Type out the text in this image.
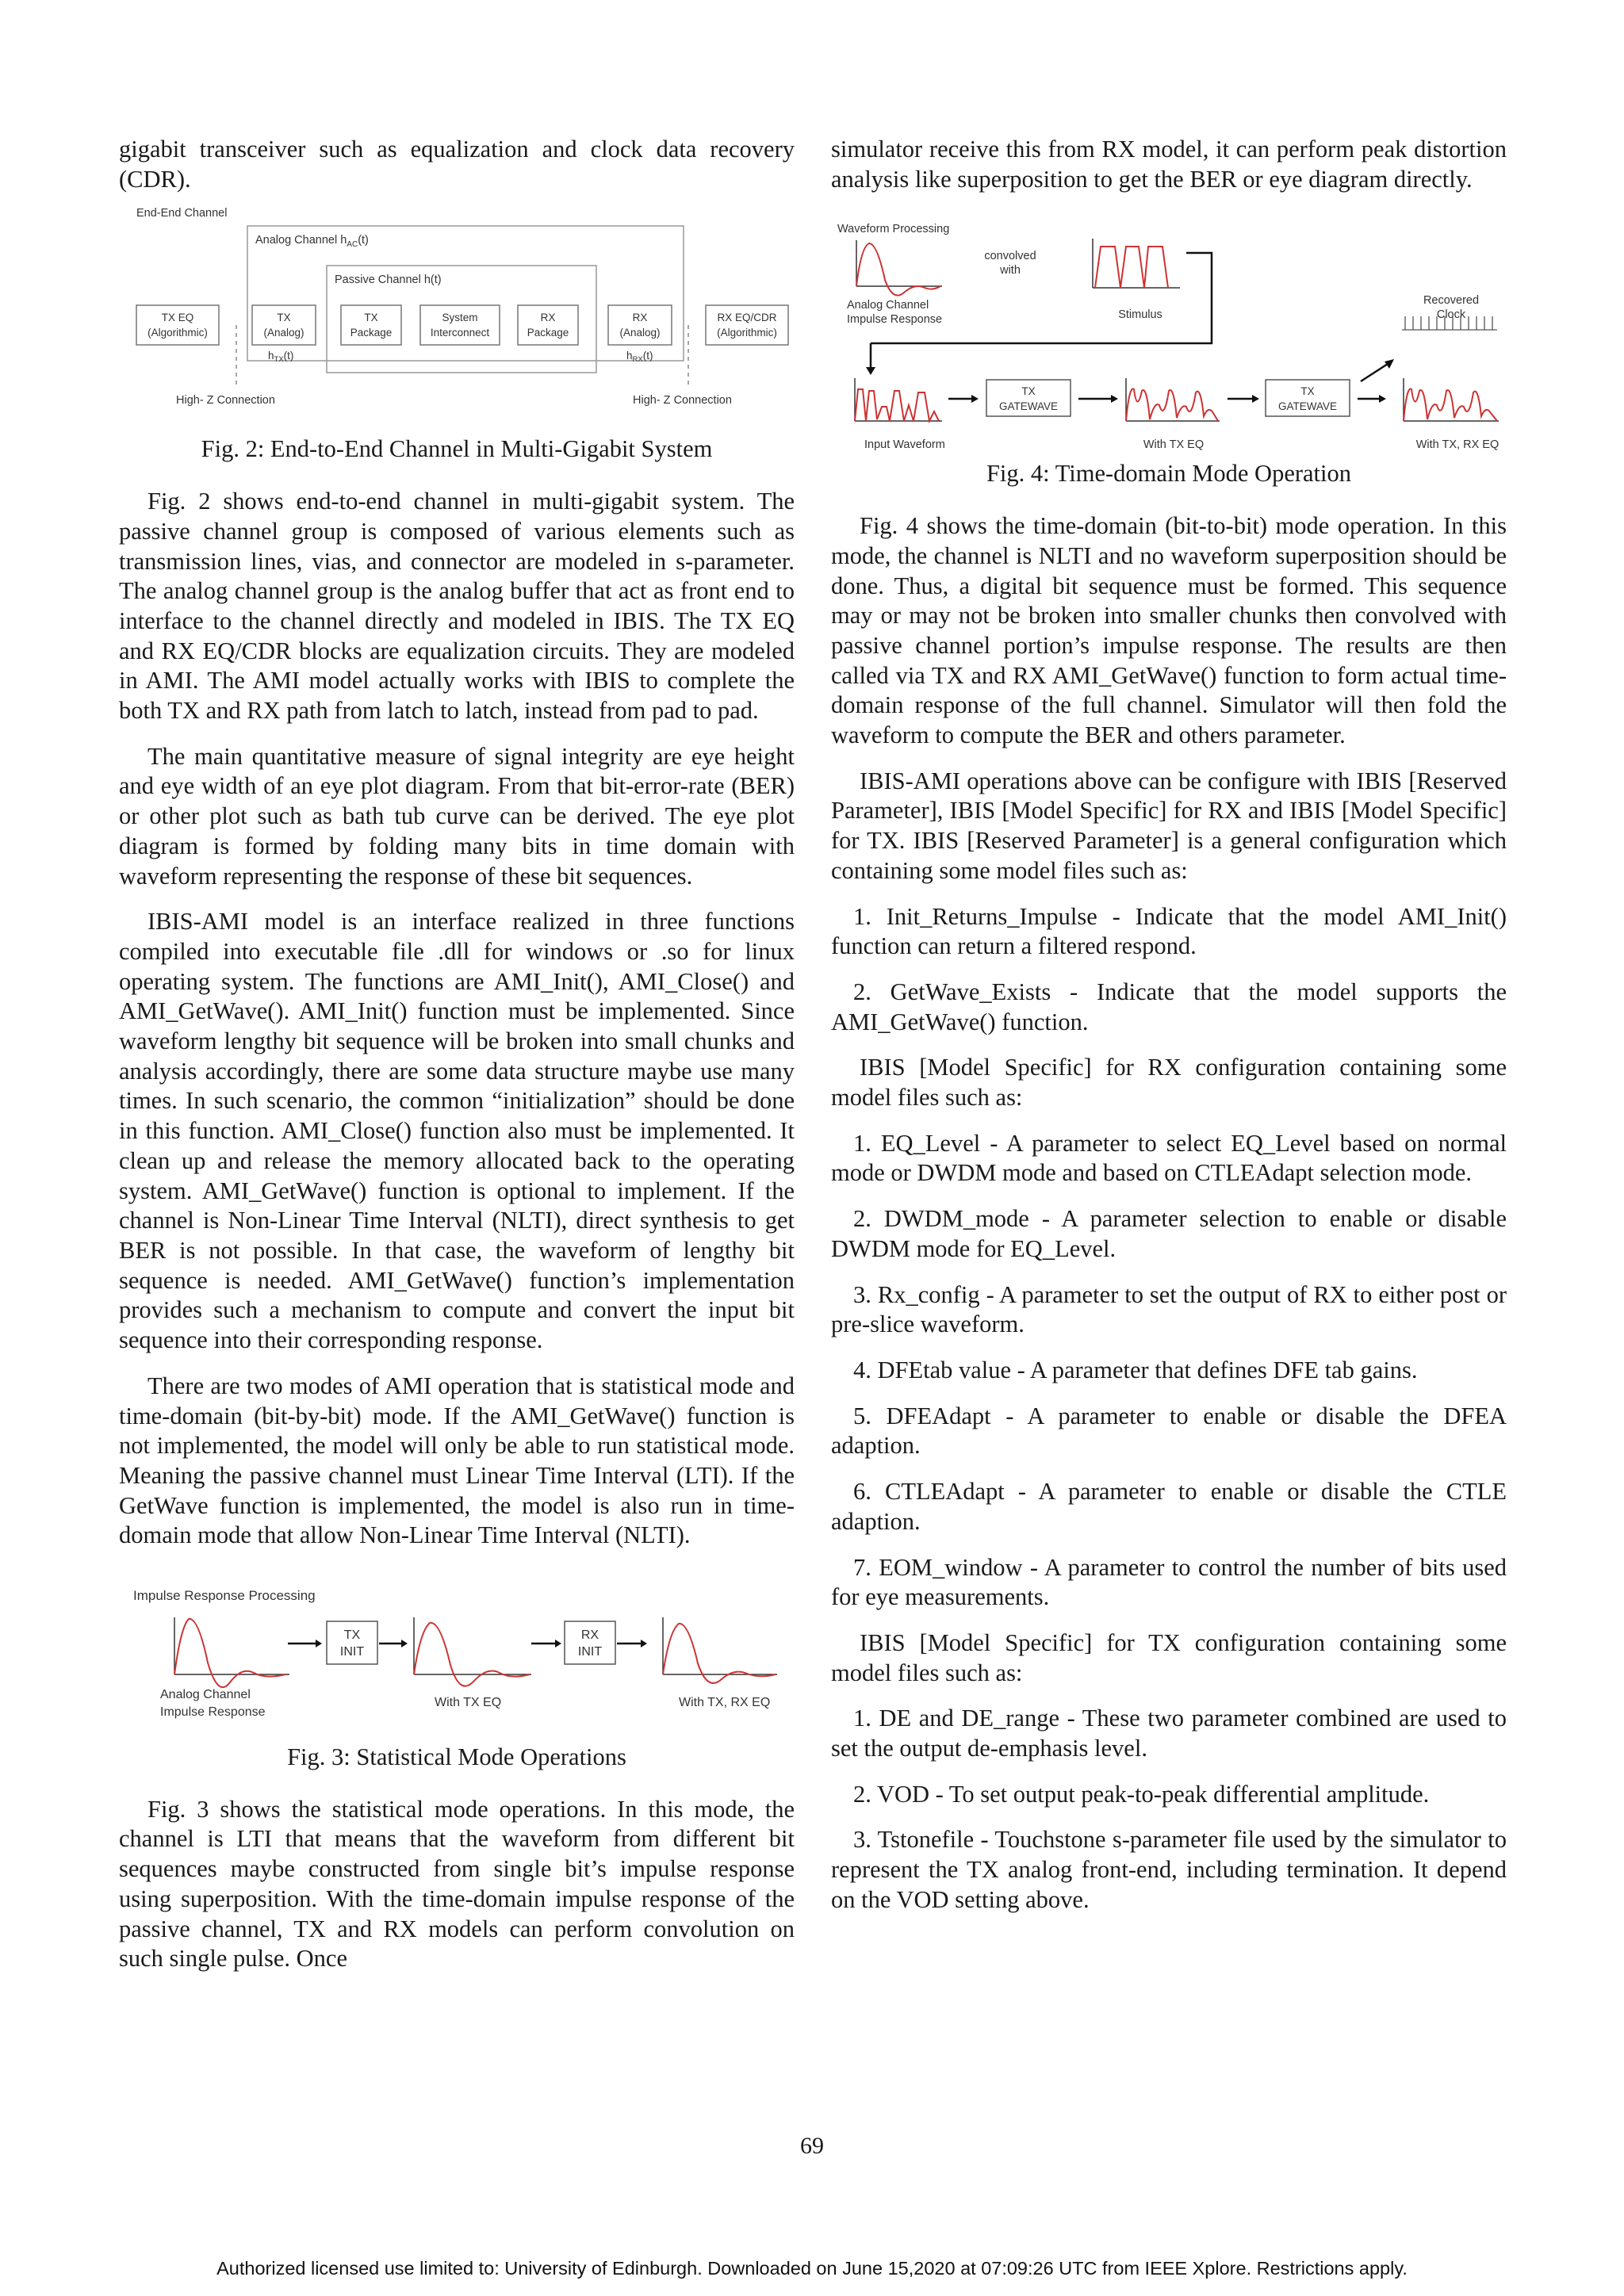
gigabit transceiver such as equalization and clock data recovery (CDR).

End-End Channel
Analog Channel $h_{AC}(t)$
Passive Channel h(t)
TX EQ
(Algorithmic)
TX
(Analog)
TX
Package
System
Interconnect
RX
Package
RX
(Analog)
RX EQ/CDR
(Algorithmic)
$h_{TX}(t)$	$h_{RX}(t)$
High- Z Connection	High- Z Connection
Fig. 2: End-to-End Channel in Multi-Gigabit System

Fig. 2 shows end-to-end channel in multi-gigabit system. The passive channel group is composed of various elements such as transmission lines, vias, and connector are modeled in s-parameter. The analog channel group is the analog buffer that act as front end to interface to the channel directly and modeled in IBIS. The TX EQ and RX EQ/CDR blocks are equalization circuits. They are modeled in AMI. The AMI model actually works with IBIS to complete the both TX and RX path from latch to latch, instead from pad to pad.

The main quantitative measure of signal integrity are eye height and eye width of an eye plot diagram. From that bit-error-rate (BER) or other plot such as bath tub curve can be derived. The eye plot diagram is formed by folding many bits in time domain with waveform representing the response of these bit sequences.

IBIS-AMI model is an interface realized in three functions compiled into executable file .dll for windows or .so for linux operating system. The functions are AMI_Init(), AMI_Close() and AMI_GetWave(). AMI_Init() function must be implemented. Since waveform lengthy bit sequence will be broken into small chunks and analysis accordingly, there are some data structure maybe use many times. In such scenario, the common “initialization” should be done in this function. AMI_Close() function also must be implemented. It clean up and release the memory allocated back to the operating system. AMI_GetWave() function is optional to implement. If the channel is Non-Linear Time Interval (NLTI), direct synthesis to get BER is not possible. In that case, the waveform of lengthy bit sequence is needed. AMI_GetWave() function’s implementation provides such a mechanism to compute and convert the input bit sequence into their corresponding response.

There are two modes of AMI operation that is statistical mode and time-domain (bit-by-bit) mode. If the AMI_GetWave() function is not implemented, the model will only be able to run statistical mode. Meaning the passive channel must Linear Time Interval (LTI). If the GetWave function is implemented, the model is also run in time-domain mode that allow Non-Linear Time Interval (NLTI).

Impulse Response Processing
TX
INIT
RX
INIT
Analog Channel
Impulse Response
With TX EQ	With TX, RX EQ
Fig. 3: Statistical Mode Operations

Fig. 3 shows the statistical mode operations. In this mode, the channel is LTI that means that the waveform from different bit sequences maybe constructed from single bit’s impulse response using superposition. With the time-domain impulse response of the passive channel, TX and RX models can perform convolution on such single pulse. Once

simulator receive this from RX model, it can perform peak distortion analysis like superposition to get the BER or eye diagram directly.

Waveform Processing
Analog Channel
Impulse Response
convolved
with
Stimulus
Recovered
Clock
TX
GATEWAVE
TX
GATEWAVE
Input Waveform	With TX EQ	With TX, RX EQ
Fig. 4: Time-domain Mode Operation

Fig. 4 shows the time-domain (bit-to-bit) mode operation. In this mode, the channel is NLTI and no waveform superposition should be done. Thus, a digital bit sequence must be formed. This sequence may or may not be broken into smaller chunks then convolved with passive channel portion’s impulse response. The results are then called via TX and RX AMI_GetWave() function to form actual time-domain response of the full channel. Simulator will then fold the waveform to compute the BER and others parameter.

IBIS-AMI operations above can be configure with IBIS [Reserved Parameter], IBIS [Model Specific] for RX and IBIS [Model Specific] for TX. IBIS [Reserved Parameter] is a general configuration which containing some model files such as:

1. Init_Returns_Impulse - Indicate that the model AMI_Init() function can return a filtered respond.

2. GetWave_Exists - Indicate that the model supports the AMI_GetWave() function.

IBIS [Model Specific] for RX configuration containing some model files such as:

1. EQ_Level - A parameter to select EQ_Level based on normal mode or DWDM mode and based on CTLEAdapt selection mode.

2. DWDM_mode - A parameter selection to enable or disable DWDM mode for EQ_Level.

3. Rx_config - A parameter to set the output of RX to either post or pre-slice waveform.

4. DFEtab value - A parameter that defines DFE tab gains.

5. DFEAdapt - A parameter to enable or disable the DFEA adaption.

6. CTLEAdapt - A parameter to enable or disable the CTLE adaption.

7. EOM_window - A parameter to control the number of bits used for eye measurements.

IBIS [Model Specific] for TX configuration containing some model files such as:

1. DE and DE_range - These two parameter combined are used to set the output de-emphasis level.

2. VOD - To set output peak-to-peak differential amplitude.

3. Tstonefile - Touchstone s-parameter file used by the simulator to represent the TX analog front-end, including termination. It depend on the VOD setting above.

69
Authorized licensed use limited to: University of Edinburgh. Downloaded on June 15,2020 at 07:09:26 UTC from IEEE Xplore. Restrictions apply.
